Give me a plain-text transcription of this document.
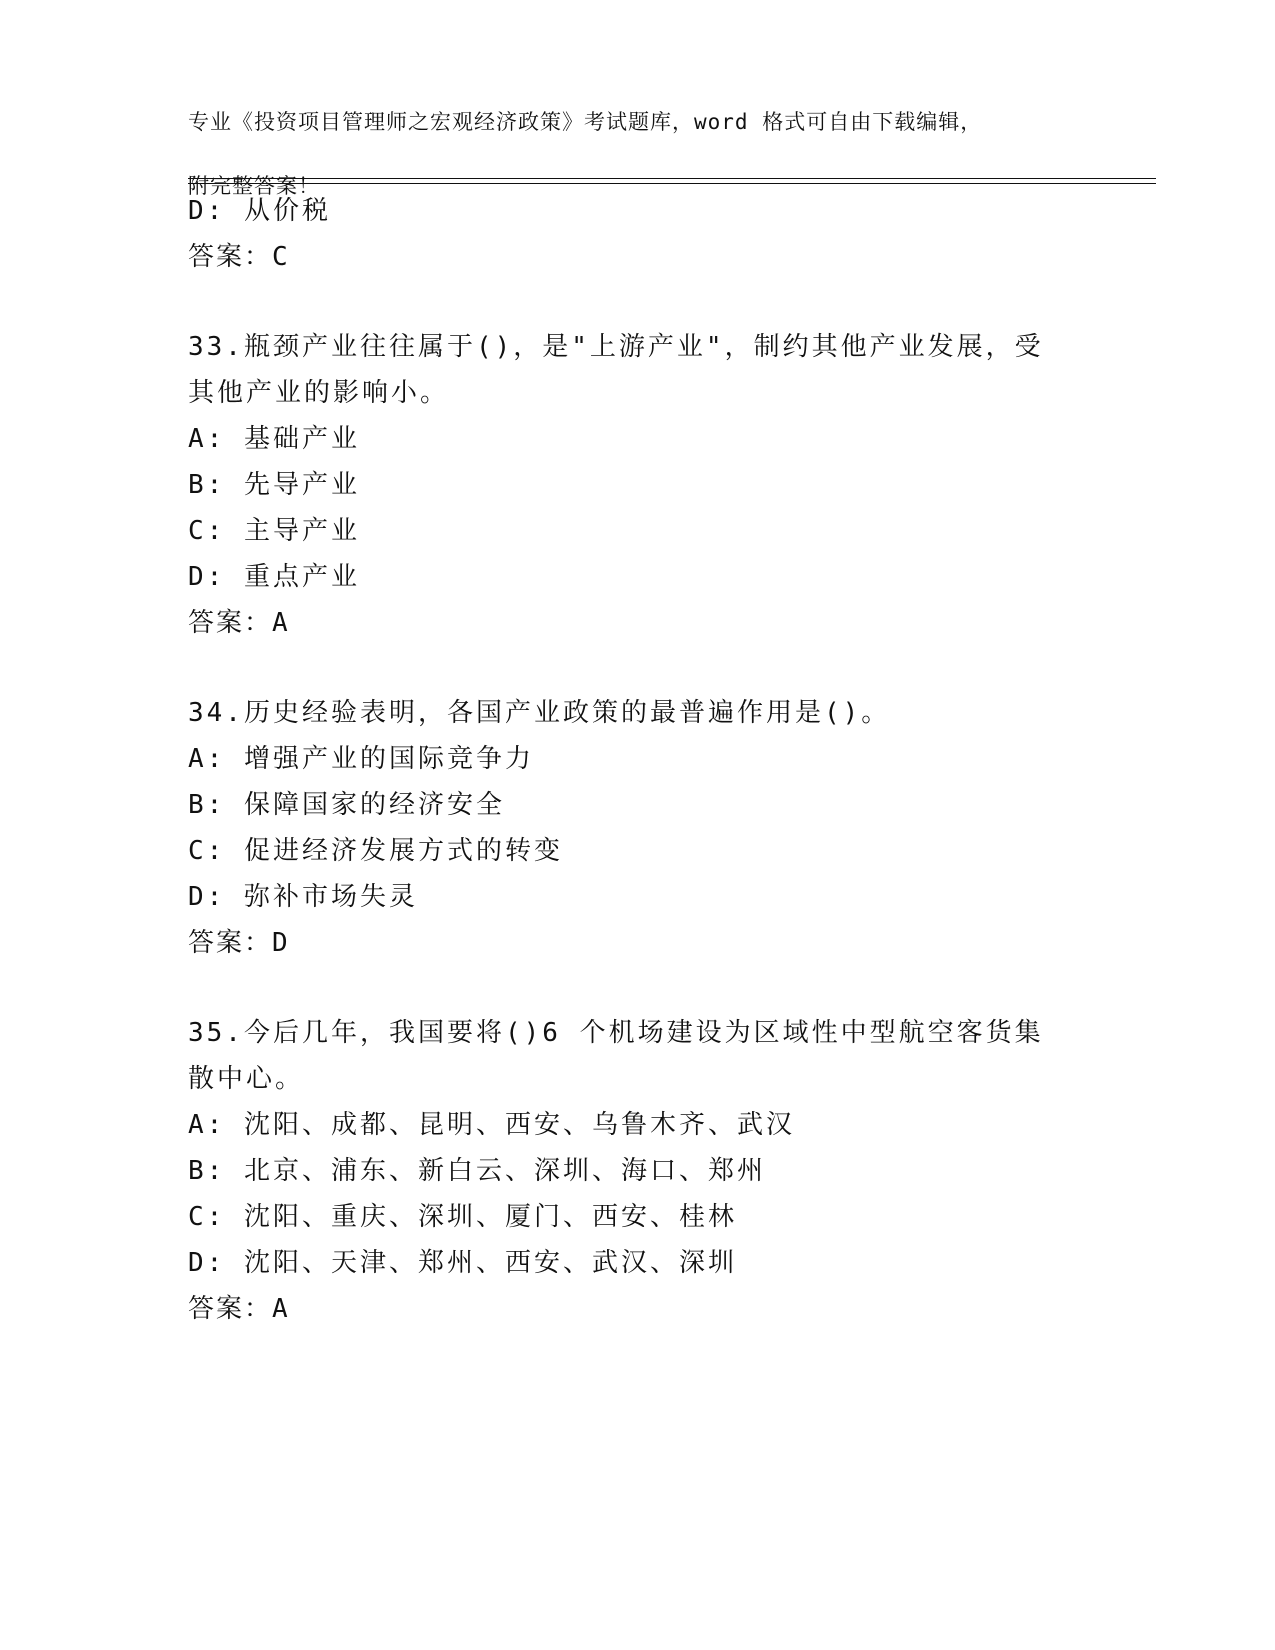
专业《投资项目管理师之宏观经济政策》考试题库，word 格式可自由下载编辑，

附完整答案！

D: 从价税
答案：C
33.瓶颈产业往往属于()，是"上游产业"，制约其他产业发展，受其他产业的影响小。
A: 基础产业
B: 先导产业
C: 主导产业
D: 重点产业
答案：A
34.历史经验表明，各国产业政策的最普遍作用是()。
A: 增强产业的国际竞争力
B: 保障国家的经济安全
C: 促进经济发展方式的转变
D: 弥补市场失灵
答案：D
35.今后几年，我国要将()6 个机场建设为区域性中型航空客货集散中心。
A: 沈阳、成都、昆明、西安、乌鲁木齐、武汉
B: 北京、浦东、新白云、深圳、海口、郑州
C: 沈阳、重庆、深圳、厦门、西安、桂林
D: 沈阳、天津、郑州、西安、武汉、深圳
答案：A
